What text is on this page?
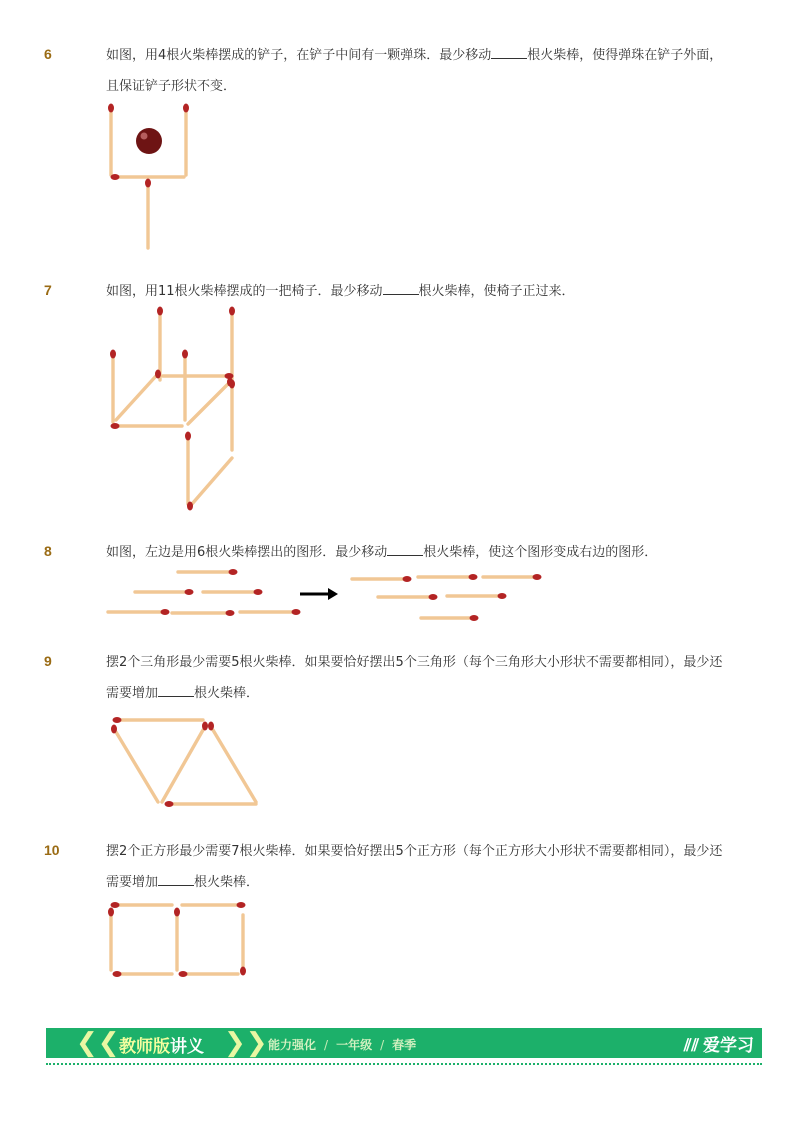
6	如图，用4根火柴棒摆成的铲子，在铲子中间有一颗弹珠．最少移动	根火柴棒，使得弹珠在铲子外面，且保证铲子形状不变．
7	如图，用11根火柴棒摆成的一把椅子．最少移动	根火柴棒，使椅子正过来．
8	如图，左边是用6根火柴棒摆出的图形．最少移动	根火柴棒，使这个图形变成右边的图形．
9	摆2个三角形最少需要5根火柴棒．如果要恰好摆出5个三角形（每个三角形大小形状不需要都相同），最少还需要增加	根火柴棒．
10	摆2个正方形最少需要7根火柴棒．如果要恰好摆出5个正方形（每个正方形大小形状不需要都相同），最少还需要增加	根火柴棒．
❮❮ 教师版讲义 ❯❯ 能力强化 / 一年级 / 春季	⫽⫽ 爱学习
